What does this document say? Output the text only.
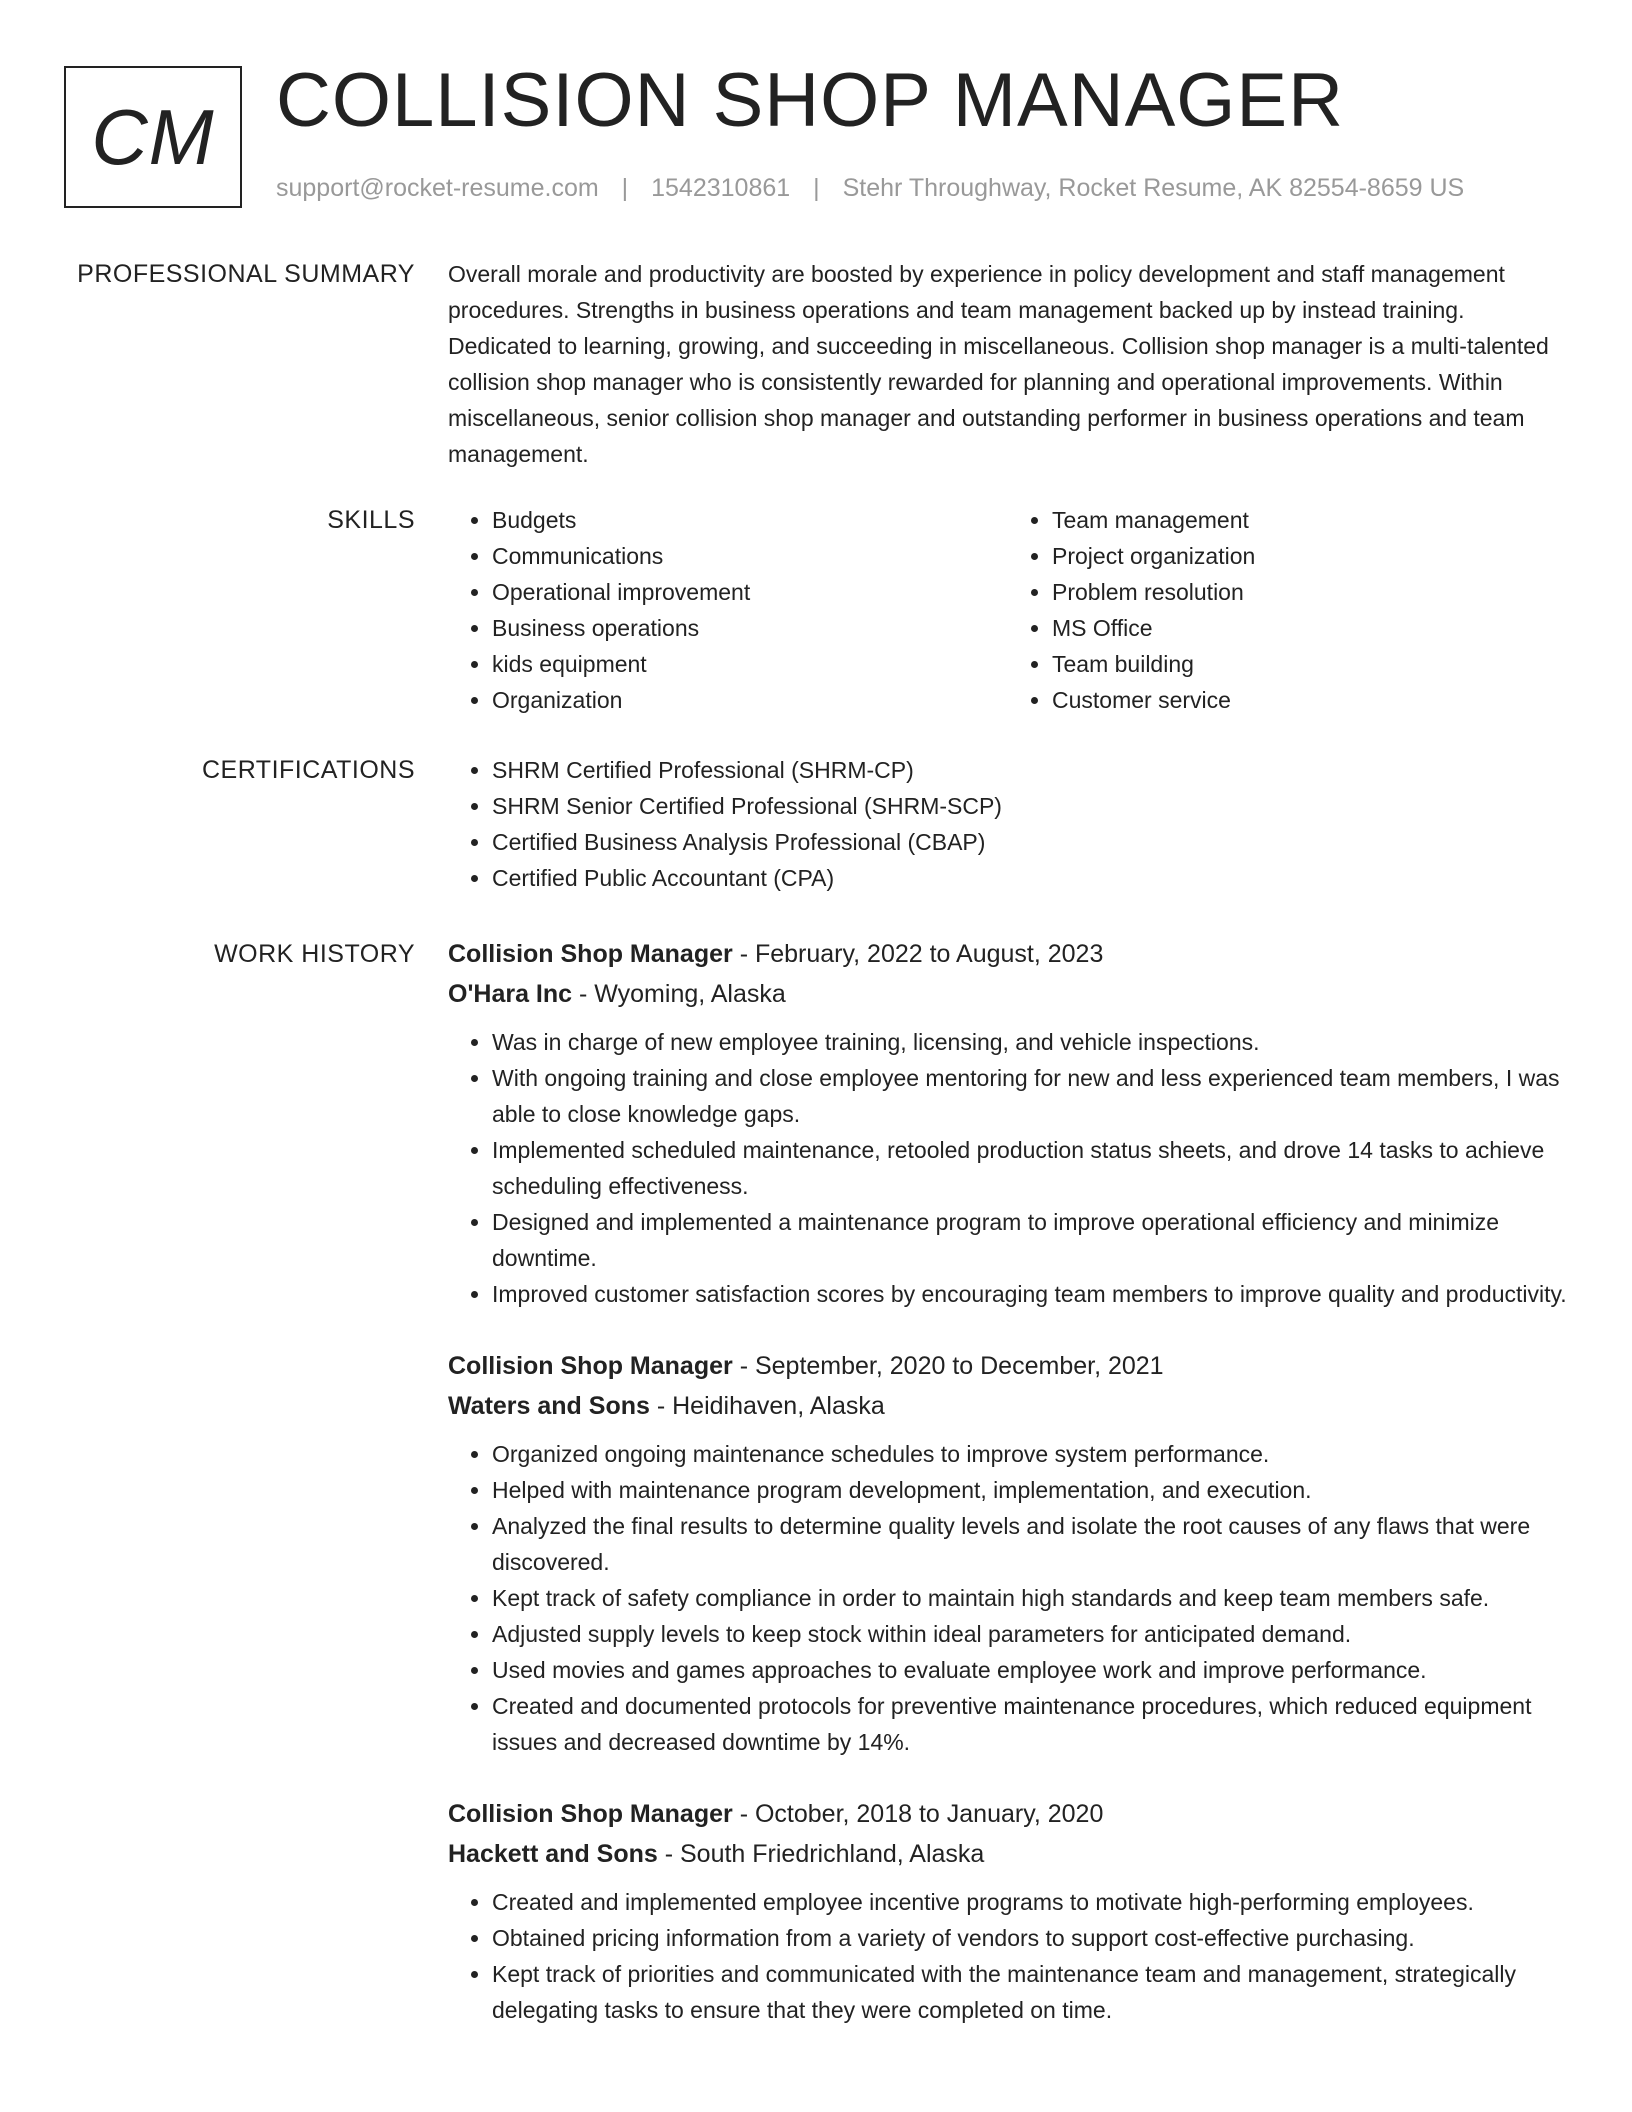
CM COLLISION SHOP MANAGER
support@rocket-resume.com | 1542310861 | Stehr Throughway, Rocket Resume, AK 82554-8659 US
PROFESSIONAL SUMMARY Overall morale and productivity are boosted by experience in policy development and staff management procedures. Strengths in business operations and team management backed up by instead training. Dedicated to learning, growing, and succeeding in miscellaneous. Collision shop manager is a multi-talented collision shop manager who is consistently rewarded for planning and operational improvements. Within miscellaneous, senior collision shop manager and outstanding performer in business operations and team management.

SKILLS	• Budgets
• Communications
• Operational improvement
• Business operations
• kids equipment
• Organization
• Team management
• Project organization
• Problem resolution
• MS Office
• Team building
• Customer service
CERTIFICATIONS	• SHRM Certified Professional (SHRM-CP)
• SHRM Senior Certified Professional (SHRM-SCP)
• Certified Business Analysis Professional (CBAP)
• Certified Public Accountant (CPA)
WORK HISTORY Collision Shop Manager - February, 2022 to August, 2023
O'Hara Inc - Wyoming, Alaska
• Was in charge of new employee training, licensing, and vehicle inspections.
• With ongoing training and close employee mentoring for new and less experienced team members, I was able to close knowledge gaps.
• Implemented scheduled maintenance, retooled production status sheets, and drove 14 tasks to achieve scheduling effectiveness.
• Designed and implemented a maintenance program to improve operational efficiency and minimize downtime.
• Improved customer satisfaction scores by encouraging team members to improve quality and productivity.
Collision Shop Manager - September, 2020 to December, 2021
Waters and Sons - Heidihaven, Alaska
• Organized ongoing maintenance schedules to improve system performance.
• Helped with maintenance program development, implementation, and execution.
• Analyzed the final results to determine quality levels and isolate the root causes of any flaws that were discovered.
• Kept track of safety compliance in order to maintain high standards and keep team members safe.
• Adjusted supply levels to keep stock within ideal parameters for anticipated demand.
• Used movies and games approaches to evaluate employee work and improve performance.
• Created and documented protocols for preventive maintenance procedures, which reduced equipment issues and decreased downtime by 14%.
Collision Shop Manager - October, 2018 to January, 2020
Hackett and Sons - South Friedrichland, Alaska
• Created and implemented employee incentive programs to motivate high-performing employees.
• Obtained pricing information from a variety of vendors to support cost-effective purchasing.
• Kept track of priorities and communicated with the maintenance team and management, strategically delegating tasks to ensure that they were completed on time.
